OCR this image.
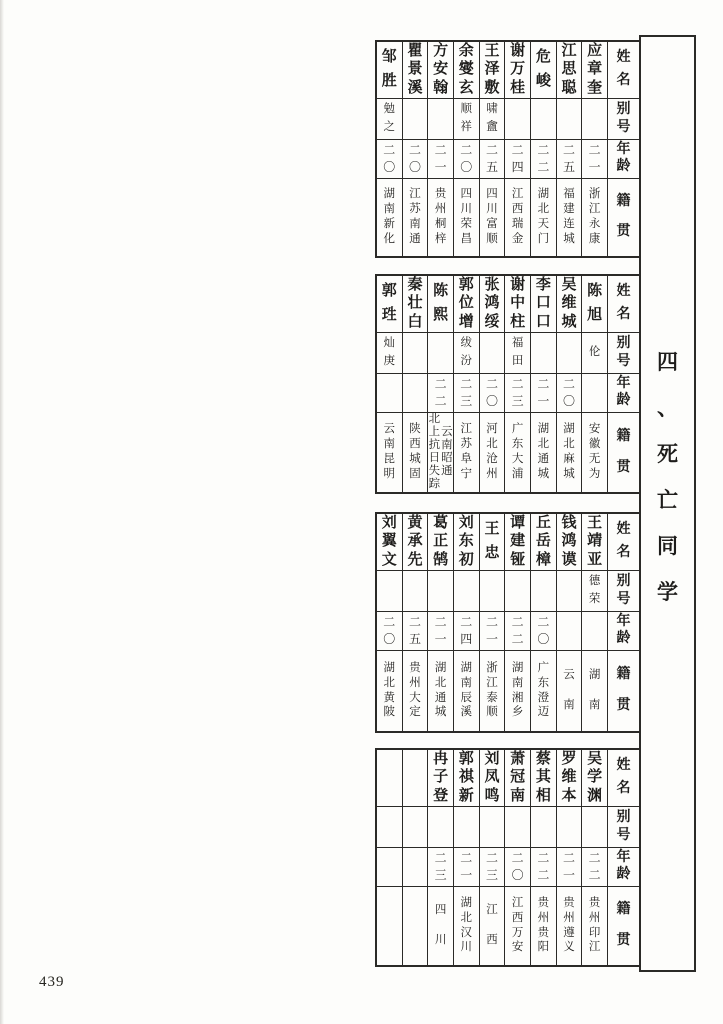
姓
名
别
号
年
龄
籍
贯
应
章
奎
二
一
浙
江
永
康
江
思
聪
二
五
福
建
连
城
危
峻
二
二
湖
北
天
门
谢
万
桂
二
四
江
西
瑞
金
王
泽
敷
啸
盦
二
五
四
川
富
顺
余
燮
玄
顺
祥
二
〇
四
川
荣
昌
方
安
翰
二
一
贵
州
桐
梓
瞿
景
溪
二
〇
江
苏
南
通
邹
胜
勉
之
二
〇
湖
南
新
化
姓
名
别
号
年
龄
籍
贯
陈
旭
伦
安
徽
无
为
吴
维
城
二
〇
湖
北
麻
城
李
口
口
二
一
湖
北
通
城
谢
中
柱
福
田
二
三
广
东
大
浦
张
鸿
绥
二
〇
河
北
沧
州
郭
位
增
绂
汾
二
三
江
苏
阜
宁
陈
熙
二
二
云
南
昭
通
北
上
抗
日
失
踪
秦
壮
白
陕
西
城
固
郭
珄
灿
庚
云
南
昆
明
姓
名
别
号
年
龄
籍
贯
王
靖
亚
德
荣
湖
南
钱
鸿
谟
云
南
丘
岳
樟
二
〇
广
东
澄
迈
谭
建
铔
二
二
湖
南
湘
乡
王
忠
二
一
浙
江
泰
顺
刘
东
初
二
四
湖
南
辰
溪
葛
正
鹄
二
一
湖
北
通
城
黄
承
先
二
五
贵
州
大
定
刘
翼
文
二
〇
湖
北
黄
陂
姓
名
别
号
年
龄
籍
贯
吴
学
渊
二
二
贵
州
印
江
罗
维
本
二
一
贵
州
遵
义
蔡
其
相
二
二
贵
州
贵
阳
萧
冠
南
二
〇
江
西
万
安
刘
凤
鸣
二
三
江
西
郭
祺
新
二
一
湖
北
汉
川
冉
子
登
二
三
四
川
四
、
死
亡
同
学
439
